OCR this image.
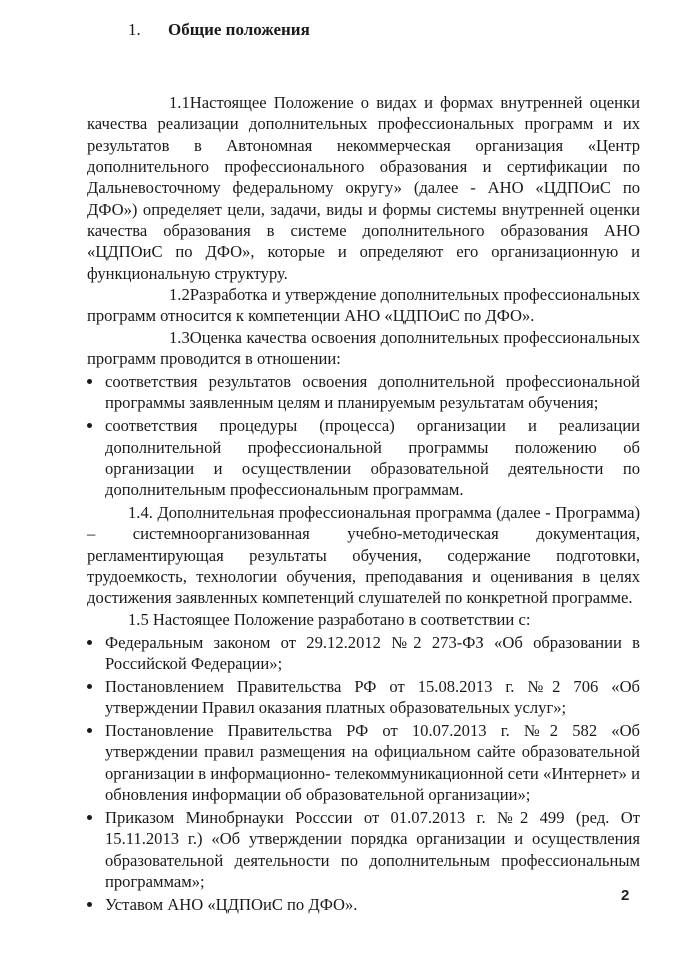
1. Общие положения

1.1Настоящее Положение о видах и формах внутренней оценки качества реализации дополнительных профессиональных программ и их результатов в Автономная некоммерческая организация «Центр дополнительного профессионального образования и сертификации по Дальневосточному федеральному округу» (далее - АНО «ЦДПОиС по ДФО») определяет цели, задачи, виды и формы системы внутренней оценки качества образования в системе дополнительного образования АНО «ЦДПОиС по ДФО», которые и определяют его организационную и функциональную структуру.

1.2Разработка и утверждение дополнительных профессиональных программ относится к компетенции АНО «ЦДПОиС по ДФО».

1.3Оценка качества освоения дополнительных профессиональных программ проводится в отношении:

соответствия результатов освоения дополнительной профессиональной программы заявленным целям и планируемым результатам обучения;
соответствия процедуры (процесса) организации и реализации дополнительной профессиональной программы положению об организации и осуществлении образовательной деятельности по дополнительным профессиональным программам.

1.4. Дополнительная профессиональная программа (далее - Программа) – системноорганизованная учебно-методическая документация, регламентирующая результаты обучения, содержание подготовки, трудоемкость, технологии обучения, преподавания и оценивания в целях достижения заявленных компетенций слушателей по конкретной программе.

1.5 Настоящее Положение разработано в соответствии с:

Федеральным законом от 29.12.2012 №2 273-ФЗ «Об образовании в Российской Федерации»;
Постановлением Правительства РФ от 15.08.2013 г. №2 706 «Об утверждении Правил оказания платных образовательных услуг»;
Постановление Правительства РФ от 10.07.2013 г. №2 582 «Об утверждении правил размещения на официальном сайте образовательной организации в информационно- телекоммуникационной сети «Интернет» и обновления информации об образовательной организации»;
Приказом Минобрнауки Росссии от 01.07.2013 г. №2 499 (ред. От 15.11.2013 г.) «Об утверждении порядка организации и осуществления образовательной деятельности по дополнительным профессиональным программам»;
Уставом АНО «ЦДПОиС по ДФО».	2
